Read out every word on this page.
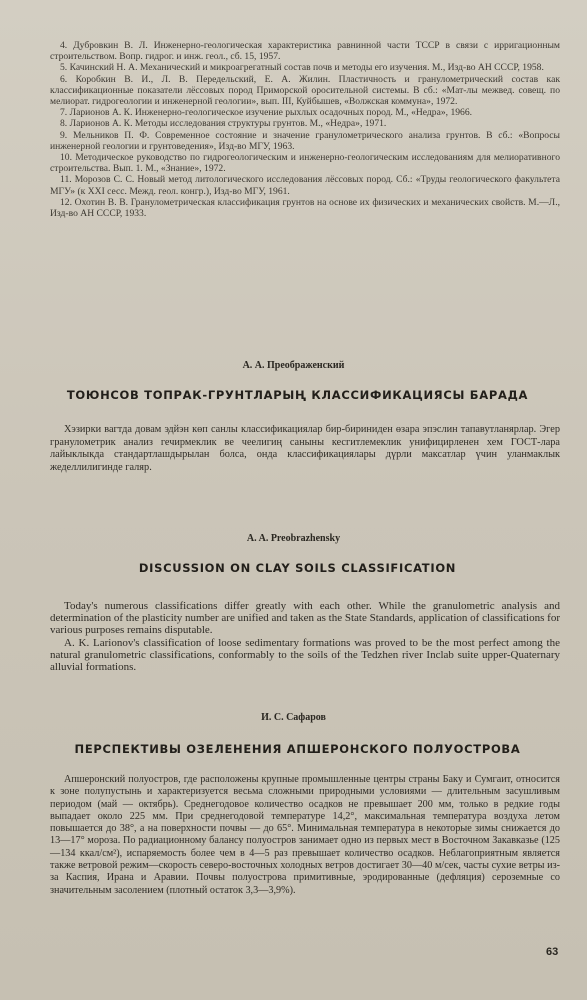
4. Дубровкин В. Л. Инженерно-геологическая характеристика равнинной части ТССР в связи с ирригационным строительством. Вопр. гидрог. и инж. геол., сб. 15, 1957.

5. Качинский Н. А. Механический и микроагрегатный состав почв и методы его изучения. М., Изд-во АН СССР, 1958.

6. Коробкин В. И., Л. В. Передельский, Е. А. Жилин. Пластичность и гранулометрический состав как классификационные показатели лёссовых пород Приморской оросительной системы. В сб.: «Мат-лы межвед. совещ. по мелиорат. гидрогеологии и инженерной геологии», вып. III, Куйбышев, «Волжская коммуна», 1972.

7. Ларионов А. К. Инженерно-геологическое изучение рыхлых осадочных пород. М., «Недра», 1966.

8. Ларионов А. К. Методы исследования структуры грунтов. М., «Недра», 1971.

9. Мельников П. Ф. Современное состояние и значение гранулометрического анализа грунтов. В сб.: «Вопросы инженерной геологии и грунтоведения», Изд-во МГУ, 1963.

10. Методическое руководство по гидрогеологическим и инженерно-геологическим исследованиям для мелиоративного строительства. Вып. 1. М., «Знание», 1972.

11. Морозов С. С. Новый метод литологического исследования лёссовых пород. Сб.: «Труды геологического факультета МГУ» (к XXI сесс. Межд. геол. конгр.), Изд-во МГУ, 1961.

12. Охотин В. В. Гранулометрическая классификация грунтов на основе их физических и механических свойств. М.—Л., Изд-во АН СССР, 1933.

А. А. Преображенский
ТОЮНСОВ ТОПРАК-ГРУНТЛАРЫҢ КЛАССИФИКАЦИЯСЫ БАРАДА

Хэзирки вагтда довам эдйэн көп санлы классификациялар бир-бириниден өзара эпэслин тапавутланярлар. Эгер гранулометрик анализ гечирмеклик ве чеелигиң саныны кесгитлемеклик унифицирленен хем ГОСТ-лара лайыклыкда стандартлашдырылан болса, онда классификациялары дүрли максатлар үчин уланмаклык жеделлилигинде галяр.

A. A. Preobrazhensky
DISCUSSION ON CLAY SOILS CLASSIFICATION

Today's numerous classifications differ greatly with each other. While the granulometric analysis and determination of the plasticity number are unified and taken as the State Standards, application of classifications for various purposes remains disputable.

A. K. Larionov's classification of loose sedimentary formations was proved to be the most perfect among the natural granulometric classifications, conformably to the soils of the Tedzhen river Inclab suite upper-Quaternary alluvial formations.

И. С. Сафаров
ПЕРСПЕКТИВЫ ОЗЕЛЕНЕНИЯ АПШЕРОНСКОГО ПОЛУОСТРОВА

Апшеронский полуостров, где расположены крупные промышленные центры страны Баку и Сумгаит, относится к зоне полупустынь и характеризуется весьма сложными природными условиями — длительным засушливым периодом (май — октябрь). Среднегодовое количество осадков не превышает 200 мм, только в редкие годы выпадает около 225 мм. При среднегодовой температуре 14,2°, максимальная температура воздуха летом повышается до 38°, а на поверхности почвы — до 65°. Минимальная температура в некоторые зимы снижается до 13—17° мороза. По радиационному балансу полуостров занимает одно из первых мест в Восточном Закавказье (125—134 ккал/см²), испаряемость более чем в 4—5 раз превышает количество осадков. Неблагоприятным является также ветровой режим—скорость северо-восточных холодных ветров достигает 30—40 м/сек, часты сухие ветры из-за Каспия, Ирана и Аравии. Почвы полуострова примитивные, эродированные (дефляция) сероземные со значительным засолением (плотный остаток 3,3—3,9%).

63
